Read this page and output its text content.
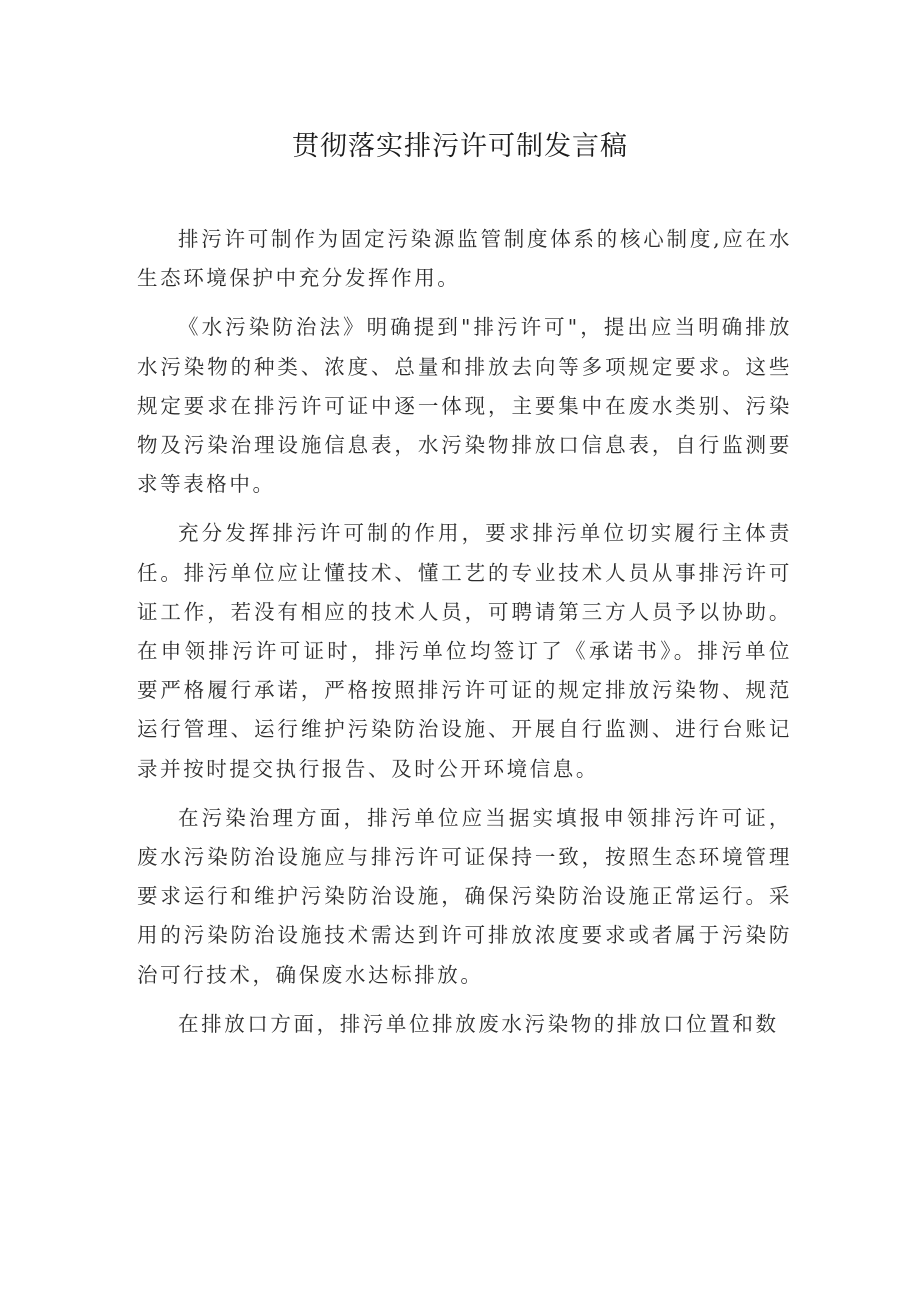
贯彻落实排污许可制发言稿

排污许可制作为固定污染源监管制度体系的核心制度,应在水生态环境保护中充分发挥作用。

《水污染防治法》明确提到"排污许可"，提出应当明确排放水污染物的种类、浓度、总量和排放去向等多项规定要求。这些规定要求在排污许可证中逐一体现，主要集中在废水类别、污染物及污染治理设施信息表，水污染物排放口信息表，自行监测要求等表格中。

充分发挥排污许可制的作用，要求排污单位切实履行主体责任。排污单位应让懂技术、懂工艺的专业技术人员从事排污许可证工作，若没有相应的技术人员，可聘请第三方人员予以协助。在申领排污许可证时，排污单位均签订了《承诺书》。排污单位要严格履行承诺，严格按照排污许可证的规定排放污染物、规范运行管理、运行维护污染防治设施、开展自行监测、进行台账记录并按时提交执行报告、及时公开环境信息。

在污染治理方面，排污单位应当据实填报申领排污许可证，废水污染防治设施应与排污许可证保持一致，按照生态环境管理要求运行和维护污染防治设施，确保污染防治设施正常运行。采用的污染防治设施技术需达到许可排放浓度要求或者属于污染防治可行技术，确保废水达标排放。

在排放口方面，排污单位排放废水污染物的排放口位置和数
